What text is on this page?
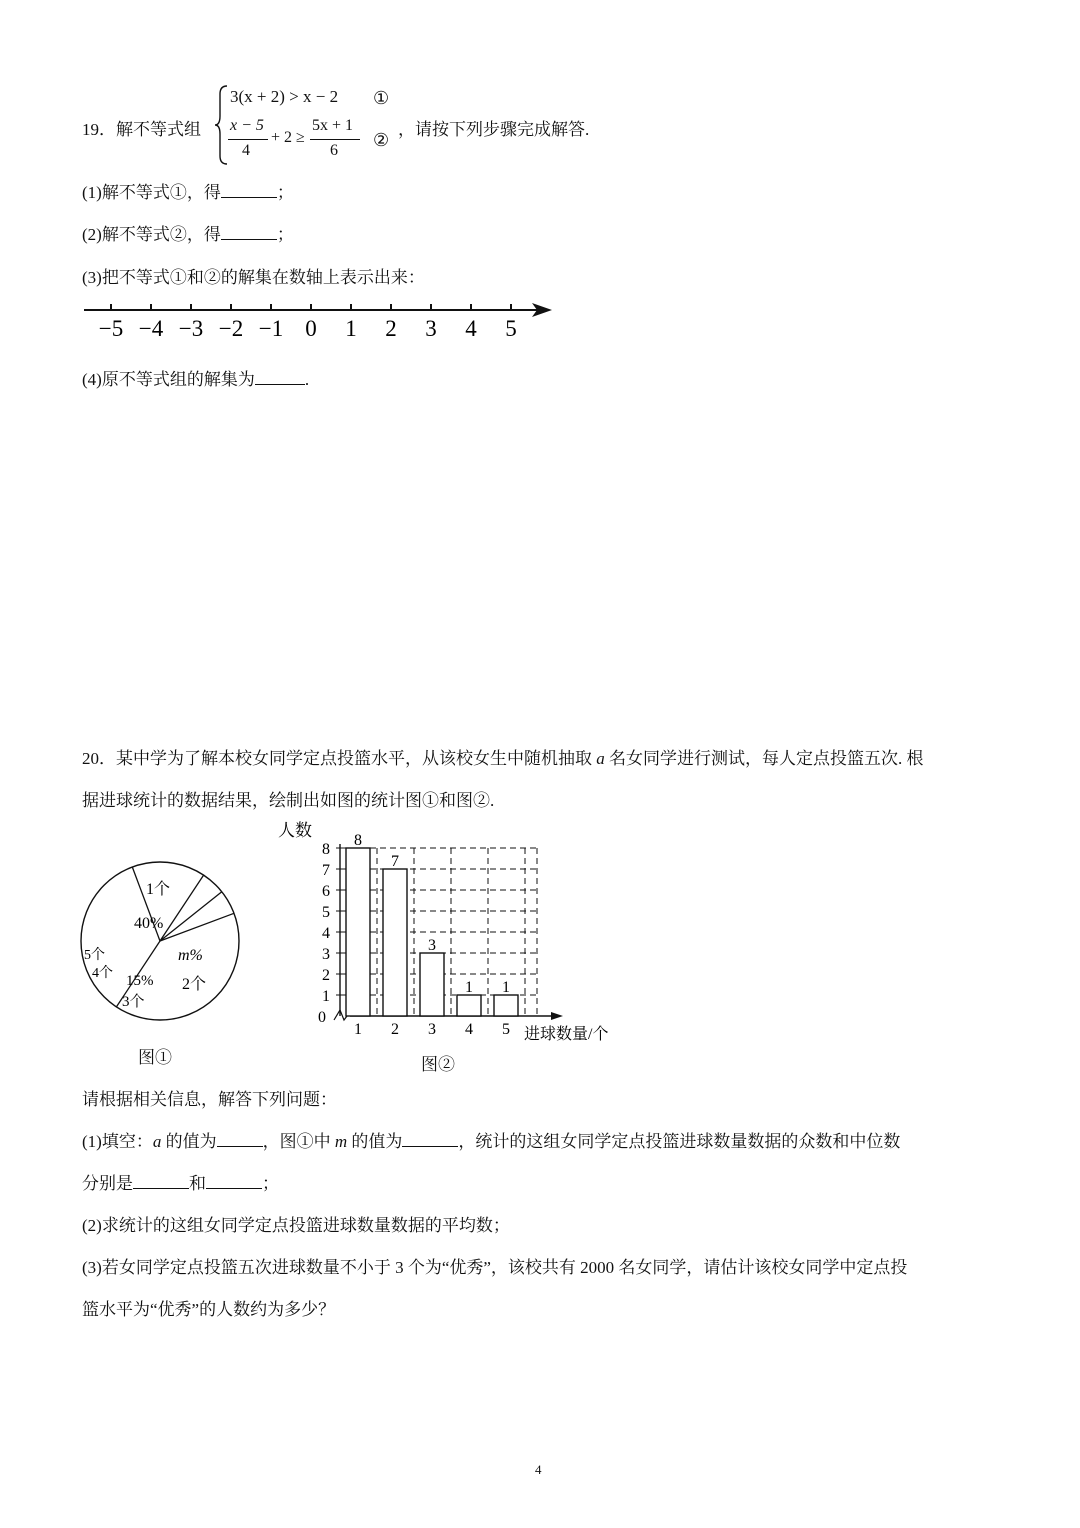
19．解不等式组
3(x + 2) > x − 2 ①
x − 5
4
+ 2 ≥
5x + 1
6
②
，请按下列步骤完成解答.
(1)解不等式①，得	；
(2)解不等式②，得	；
(3)把不等式①和②的解集在数轴上表示出来：
−5 −4 −3 −2 −1 0 1 2 3 4 5
(4)原不等式组的解集为	.
20．某中学为了解本校女同学定点投篮水平，从该校女生中随机抽取 a 名女同学进行测试，每人定点投篮五次. 根
据进球统计的数据结果，绘制出如图的统计图①和图②.
1个
40%
m%
2个
15%
3个
4个
5个
图①
人数
进球数量/个
0
1
2
3
4
5
6
7
8
8
1
7
2
3
3
1
4
1
5
图②
请根据相关信息，解答下列问题：
(1)填空：a 的值为	，图①中 m 的值为	，统计的这组女同学定点投篮进球数量数据的众数和中位数
分别是	和	；
(2)求统计的这组女同学定点投篮进球数量数据的平均数；
(3)若女同学定点投篮五次进球数量不小于 3 个为“优秀”，该校共有 2000 名女同学，请估计该校女同学中定点投
篮水平为“优秀”的人数约为多少？
4
